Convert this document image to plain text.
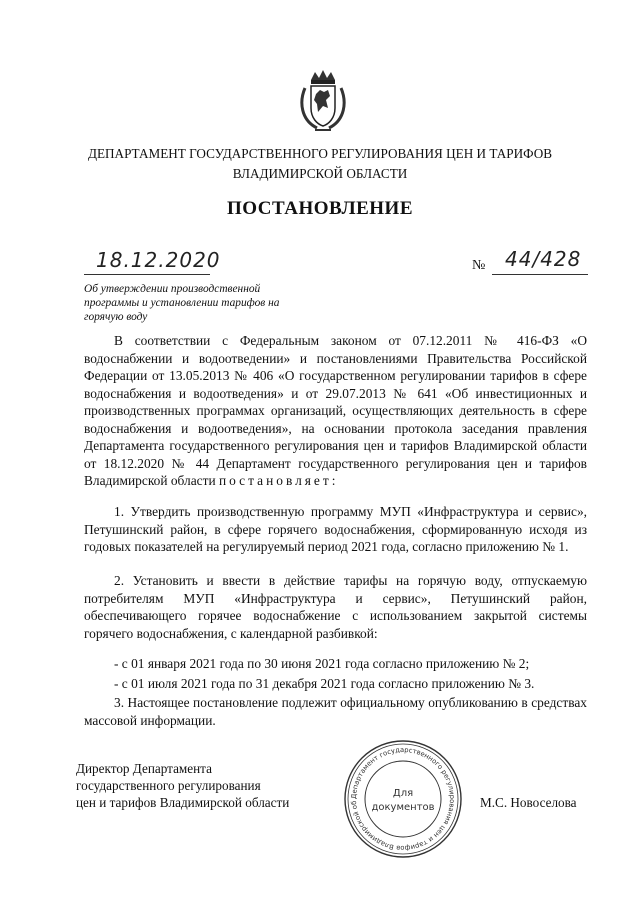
ДЕПАРТАМЕНТ ГОСУДАРСТВЕННОГО РЕГУЛИРОВАНИЯ ЦЕН И ТАРИФОВ
ВЛАДИМИРСКОЙ ОБЛАСТИ
ПОСТАНОВЛЕНИЕ
18.12.2020	№ 44/428
Об утверждении производственной программы и установлении тарифов на горячую воду
В соответствии с Федеральным законом от 07.12.2011 № 416-ФЗ «О водоснабжении и водоотведении» и постановлениями Правительства Российской Федерации от 13.05.2013 № 406 «О государственном регулировании тарифов в сфере водоснабжения и водоотведения» и от 29.07.2013 № 641 «Об инвестиционных и производственных программах организаций, осуществляющих деятельность в сфере водоснабжения и водоотведения», на основании протокола заседания правления Департамента государственного регулирования цен и тарифов Владимирской области от 18.12.2020 № 44 Департамент государственного регулирования цен и тарифов Владимирской области постановляет:
1. Утвердить производственную программу МУП «Инфраструктура и сервис», Петушинский район, в сфере горячего водоснабжения, сформированную исходя из годовых показателей на регулируемый период 2021 года, согласно приложению № 1.
2. Установить и ввести в действие тарифы на горячую воду, отпускаемую потребителям МУП «Инфраструктура и сервис», Петушинский район, обеспечивающего горячее водоснабжение с использованием закрытой системы горячего водоснабжения, с календарной разбивкой:
- с 01 января 2021 года по 30 июня 2021 года согласно приложению № 2;
- с 01 июля 2021 года по 31 декабря 2021 года согласно приложению № 3.
3. Настоящее постановление подлежит официальному опубликованию в средствах массовой информации.
Директор Департамента
государственного регулирования
цен и тарифов Владимирской области	М.С. Новоселова
Департамент государственного регулирования цен и тарифов Владимирской об
Для
документов
